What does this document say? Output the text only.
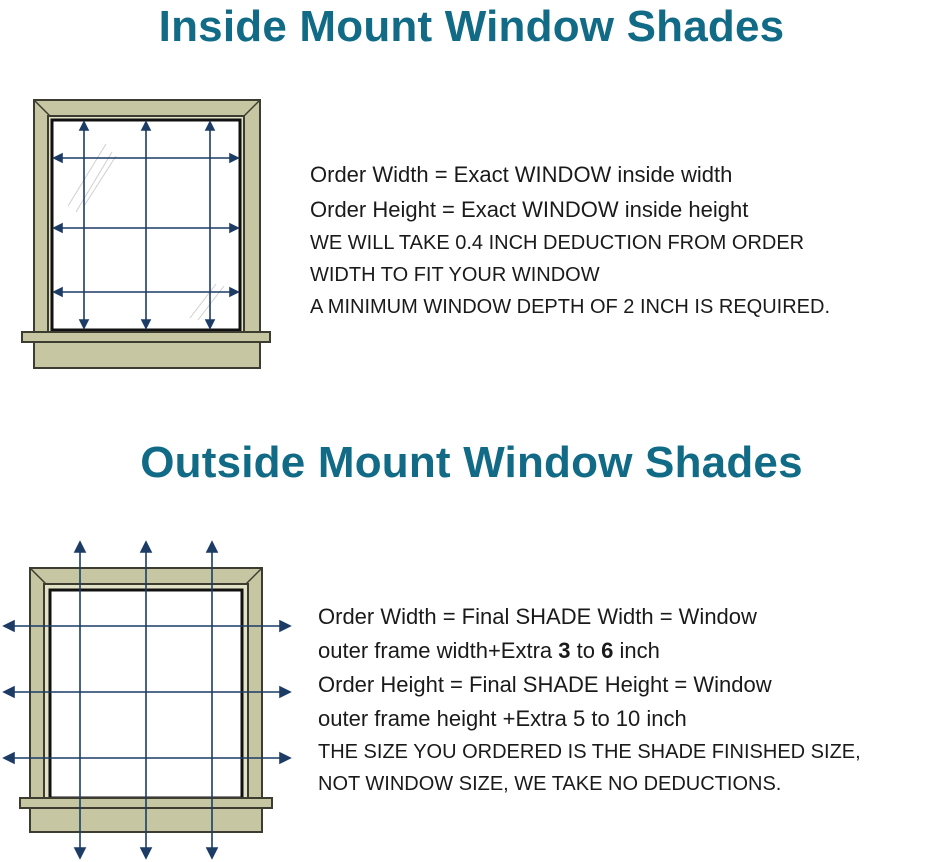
Inside Mount Window Shades
Order Width = Exact WINDOW inside width
Order Height = Exact WINDOW inside height
WE WILL TAKE 0.4 INCH DEDUCTION FROM ORDER
WIDTH TO FIT YOUR WINDOW
A MINIMUM WINDOW DEPTH OF 2 INCH IS REQUIRED.
Outside Mount Window Shades
Order Width = Final SHADE Width = Window
outer frame width+Extra 3 to 6 inch
Order Height = Final SHADE Height = Window
outer frame height +Extra 5 to 10 inch
THE SIZE YOU ORDERED IS THE SHADE FINISHED SIZE,
NOT WINDOW SIZE, WE TAKE NO DEDUCTIONS.
